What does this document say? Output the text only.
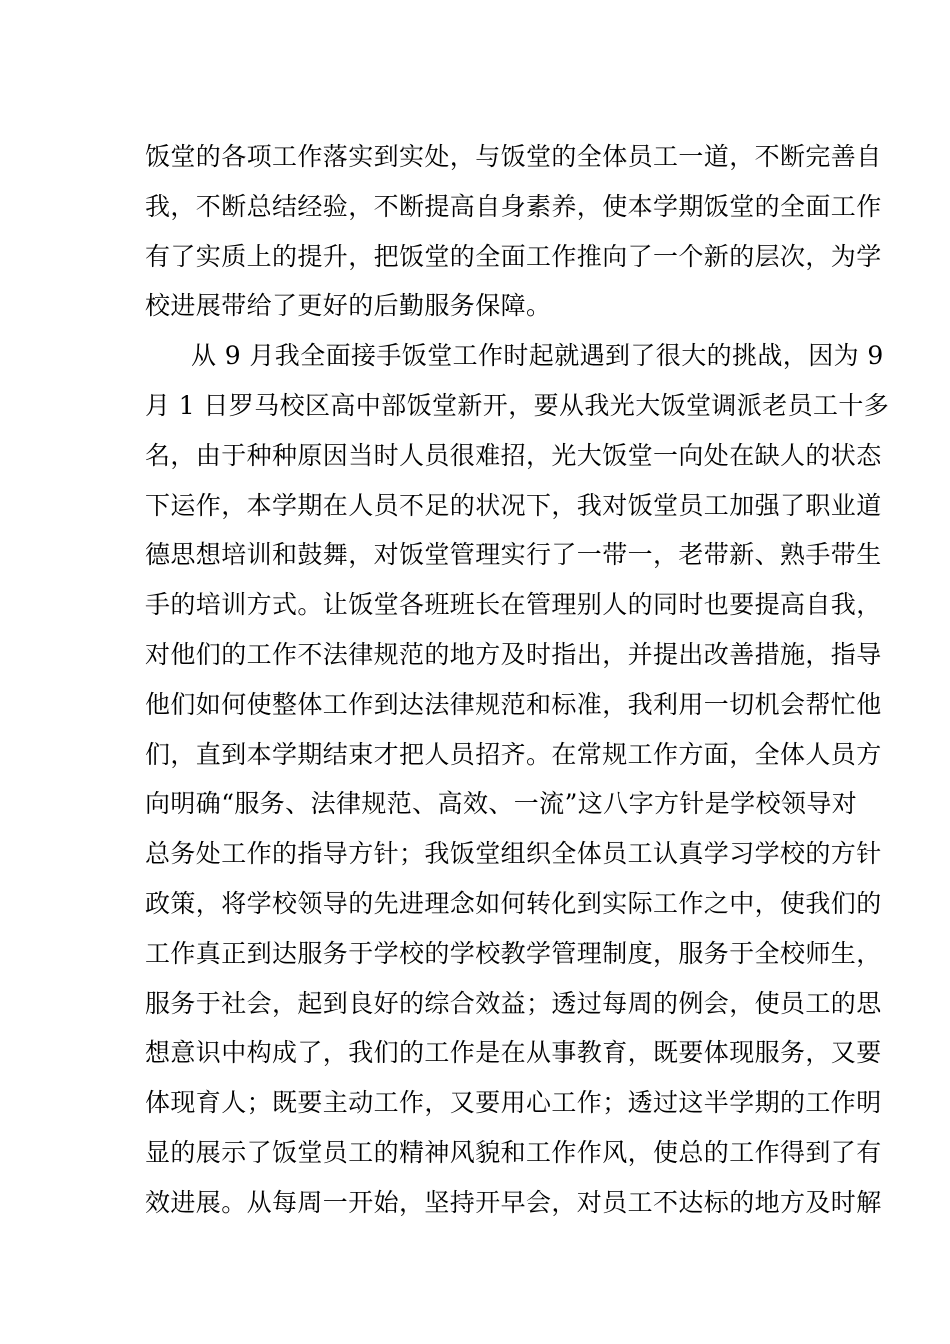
饭堂的各项工作落实到实处，与饭堂的全体员工一道，不断完善自
我，不断总结经验，不断提高自身素养，使本学期饭堂的全面工作
有了实质上的提升，把饭堂的全面工作推向了一个新的层次，为学
校进展带给了更好的后勤服务保障。
从 9 月我全面接手饭堂工作时起就遇到了很大的挑战，因为 9
月 1 日罗马校区高中部饭堂新开，要从我光大饭堂调派老员工十多
名，由于种种原因当时人员很难招，光大饭堂一向处在缺人的状态
下运作，本学期在人员不足的状况下，我对饭堂员工加强了职业道
德思想培训和鼓舞，对饭堂管理实行了一带一，老带新、熟手带生
手的培训方式。让饭堂各班班长在管理别人的同时也要提高自我，
对他们的工作不法律规范的地方及时指出，并提出改善措施，指导
他们如何使整体工作到达法律规范和标准，我利用一切机会帮忙他
们，直到本学期结束才把人员招齐。在常规工作方面，全体人员方
向明确“服务、法律规范、高效、一流”这八字方针是学校领导对
总务处工作的指导方针；我饭堂组织全体员工认真学习学校的方针
政策，将学校领导的先进理念如何转化到实际工作之中，使我们的
工作真正到达服务于学校的学校教学管理制度，服务于全校师生，
服务于社会，起到良好的综合效益；透过每周的例会，使员工的思
想意识中构成了，我们的工作是在从事教育，既要体现服务，又要
体现育人；既要主动工作，又要用心工作；透过这半学期的工作明
显的展示了饭堂员工的精神风貌和工作作风，使总的工作得到了有
效进展。从每周一开始，坚持开早会，对员工不达标的地方及时解
